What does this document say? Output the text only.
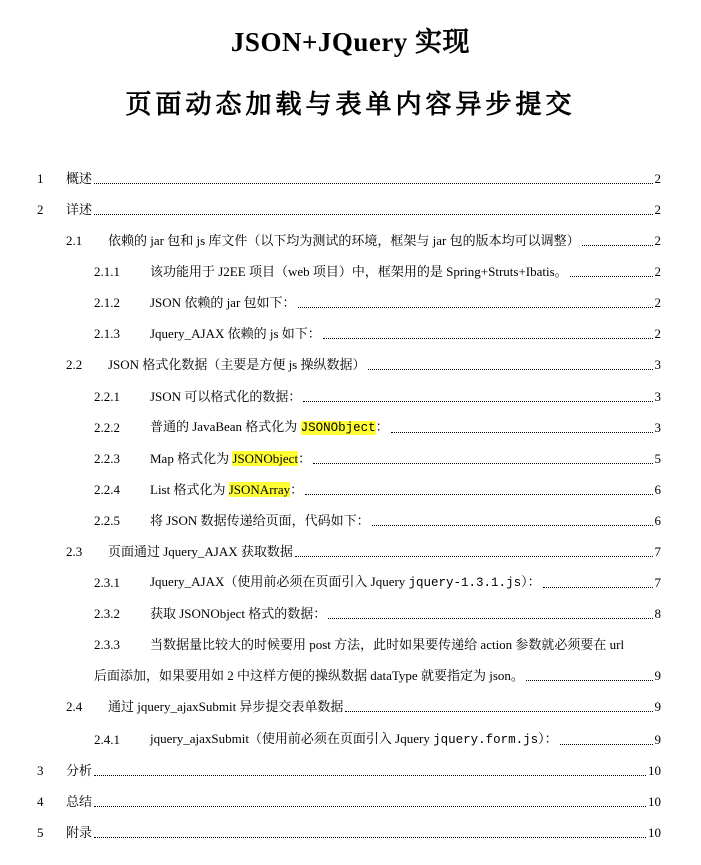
JSON+JQuery 实现
页面动态加载与表单内容异步提交
1	概述	2
2	详述	2
2.1	依赖的 jar 包和 js 库文件（以下均为测试的环境，框架与 jar 包的版本均可以调整）	2
2.1.1	该功能用于 J2EE 项目（web 项目）中，框架用的是 Spring+Struts+Ibatis。	2
2.1.2	JSON 依赖的 jar 包如下：	2
2.1.3	Jquery_AJAX 依赖的 js 如下：	2
2.2	JSON 格式化数据（主要是方便 js 操纵数据）	3
2.2.1	JSON 可以格式化的数据：	3
2.2.2	普通的 JavaBean 格式化为 JSONObject：	3
2.2.3	Map 格式化为 JSONObject：	5
2.2.4	List 格式化为 JSONArray：	6
2.2.5	将 JSON 数据传递给页面，代码如下：	6
2.3	页面通过 Jquery_AJAX 获取数据	7
2.3.1	Jquery_AJAX（使用前必须在页面引入 Jquery jquery-1.3.1.js）：	7
2.3.2	获取 JSONObject 格式的数据：	8
2.3.3 当数据量比较大的时候要用 post 方法，此时如果要传递给 action 参数就必须要在 url
后面添加，如果要用如 2 中这样方便的操纵数据 dataType 就要指定为 json。	9
2.4	通过 jquery_ajaxSubmit 异步提交表单数据	9
2.4.1	jquery_ajaxSubmit（使用前必须在页面引入 Jquery jquery.form.js）：	9
3	分析	10
4	总结	10
5	附录	10
